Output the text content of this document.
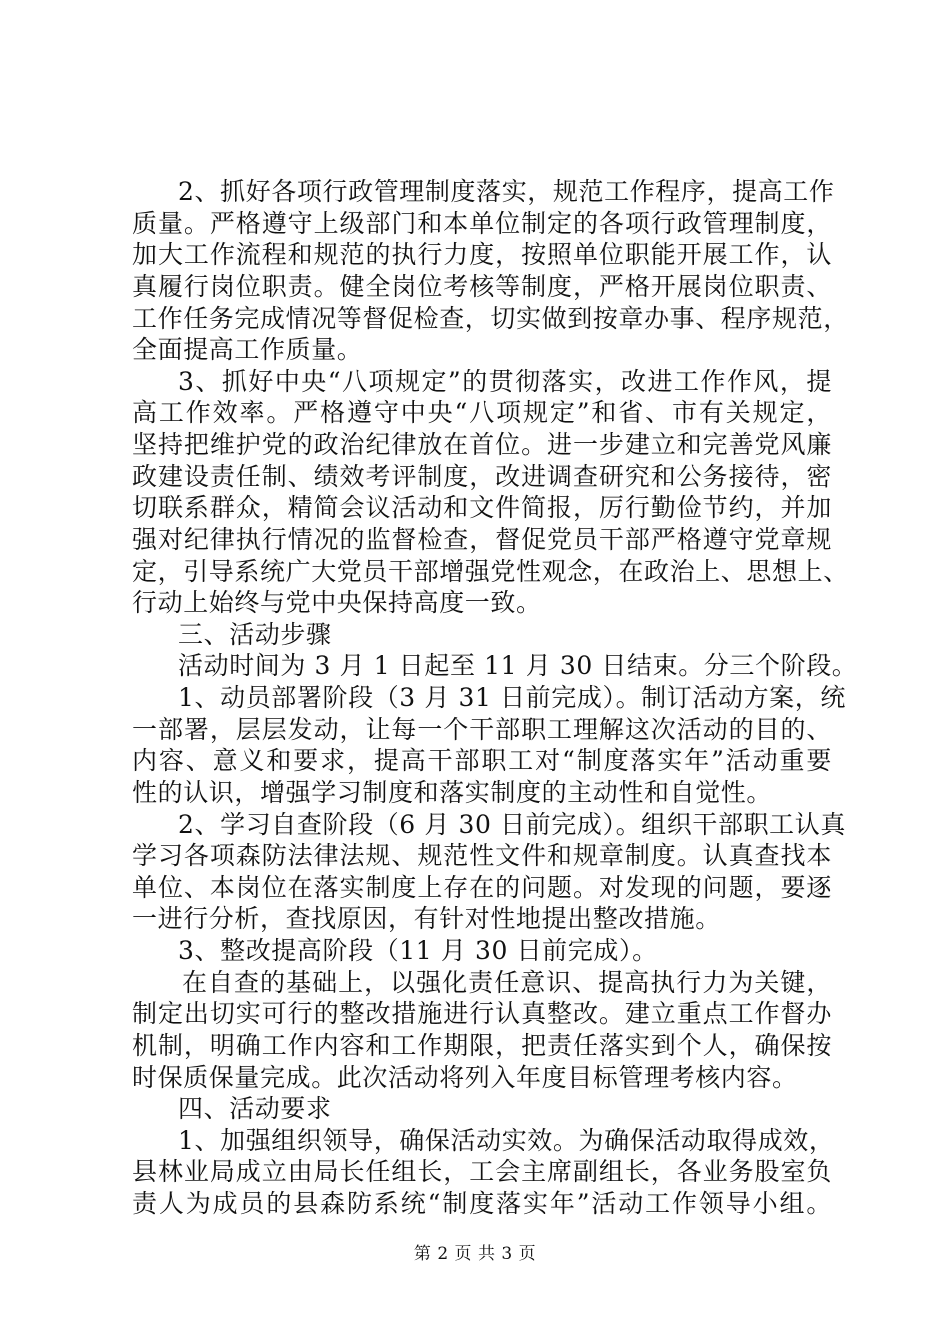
2、抓好各项行政管理制度落实，规范工作程序，提高工作
质量。严格遵守上级部门和本单位制定的各项行政管理制度，
加大工作流程和规范的执行力度，按照单位职能开展工作，认
真履行岗位职责。健全岗位考核等制度，严格开展岗位职责、
工作任务完成情况等督促检查，切实做到按章办事、程序规范，
全面提高工作质量。
3、抓好中央“八项规定”的贯彻落实，改进工作作风，提
高工作效率。严格遵守中央“八项规定”和省、市有关规定，
坚持把维护党的政治纪律放在首位。进一步建立和完善党风廉
政建设责任制、绩效考评制度，改进调查研究和公务接待，密
切联系群众，精简会议活动和文件简报，厉行勤俭节约，并加
强对纪律执行情况的监督检查，督促党员干部严格遵守党章规
定，引导系统广大党员干部增强党性观念，在政治上、思想上、
行动上始终与党中央保持高度一致。
三、活动步骤
活动时间为 3 月 1 日起至 11 月 30 日结束。分三个阶段。
1、动员部署阶段（3 月 31 日前完成）。制订活动方案，统
一部署，层层发动，让每一个干部职工理解这次活动的目的、
内容、意义和要求，提高干部职工对“制度落实年”活动重要
性的认识，增强学习制度和落实制度的主动性和自觉性。
2、学习自查阶段（6 月 30 日前完成）。组织干部职工认真
学习各项森防法律法规、规范性文件和规章制度。认真查找本
单位、本岗位在落实制度上存在的问题。对发现的问题，要逐
一进行分析，查找原因，有针对性地提出整改措施。
3、整改提高阶段（11 月 30 日前完成）。
在自查的基础上，以强化责任意识、提高执行力为关键，
制定出切实可行的整改措施进行认真整改。建立重点工作督办
机制，明确工作内容和工作期限，把责任落实到个人，确保按
时保质保量完成。此次活动将列入年度目标管理考核内容。
四、活动要求
1、加强组织领导，确保活动实效。为确保活动取得成效，
县林业局成立由局长任组长，工会主席副组长，各业务股室负
责人为成员的县森防系统“制度落实年”活动工作领导小组。
第 2 页 共 3 页
